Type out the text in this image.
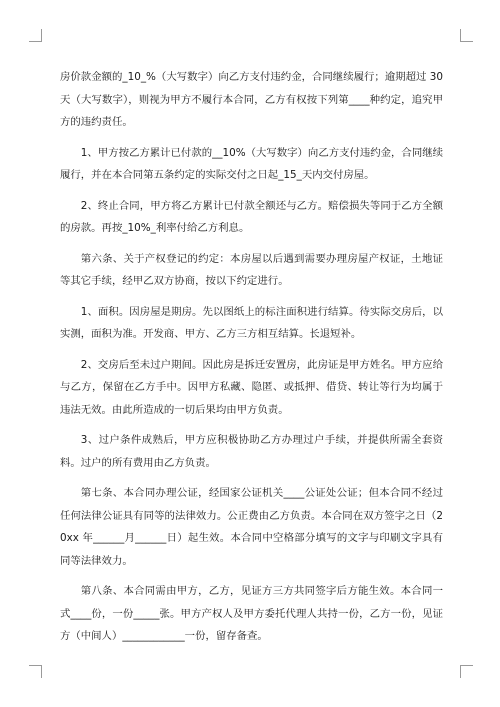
房价款金额的_10_%（大写数字）向乙方支付违约金，合同继续履行；逾期超过 30 天（大写数字），则视为甲方不履行本合同，乙方有权按下列第____种约定，追究甲方的违约责任。

1、甲方按乙方累计已付款的__10%（大写数字）向乙方支付违约金，合同继续履行，并在本合同第五条约定的实际交付之日起_15_天内交付房屋。

2、终止合同，甲方将乙方累计已付款全额还与乙方。赔偿损失等同于乙方全额的房款。再按_10%_利率付给乙方利息。

第六条、关于产权登记的约定：本房屋以后遇到需要办理房屋产权证，土地证等其它手续，经甲乙双方协商，按以下约定进行。

1、面积。因房屋是期房。先以图纸上的标注面积进行结算。待实际交房后，以实测，面积为准。开发商、甲方、乙方三方相互结算。长退短补。

2、交房后至未过户期间。因此房是拆迁安置房，此房证是甲方姓名。甲方应给与乙方，保留在乙方手中。因甲方私藏、隐匿、或抵押、借贷、转让等行为均属于违法无效。由此所造成的一切后果均由甲方负责。

3、过户条件成熟后，甲方应积极协助乙方办理过户手续，并提供所需全套资料。过户的所有费用由乙方负责。

第七条、本合同办理公证，经国家公证机关____公证处公证；但本合同不经过任何法律公证具有同等的法律效力。公正费由乙方负责。本合同在双方签字之日（20xx 年______月______日）起生效。本合同中空格部分填写的文字与印刷文字具有同等法律效力。

第八条、本合同需由甲方，乙方，见证方三方共同签字后方能生效。本合同一式____份，一份_____张。甲方产权人及甲方委托代理人共持一份，乙方一份，见证方（中间人）____________一份，留存备查。
